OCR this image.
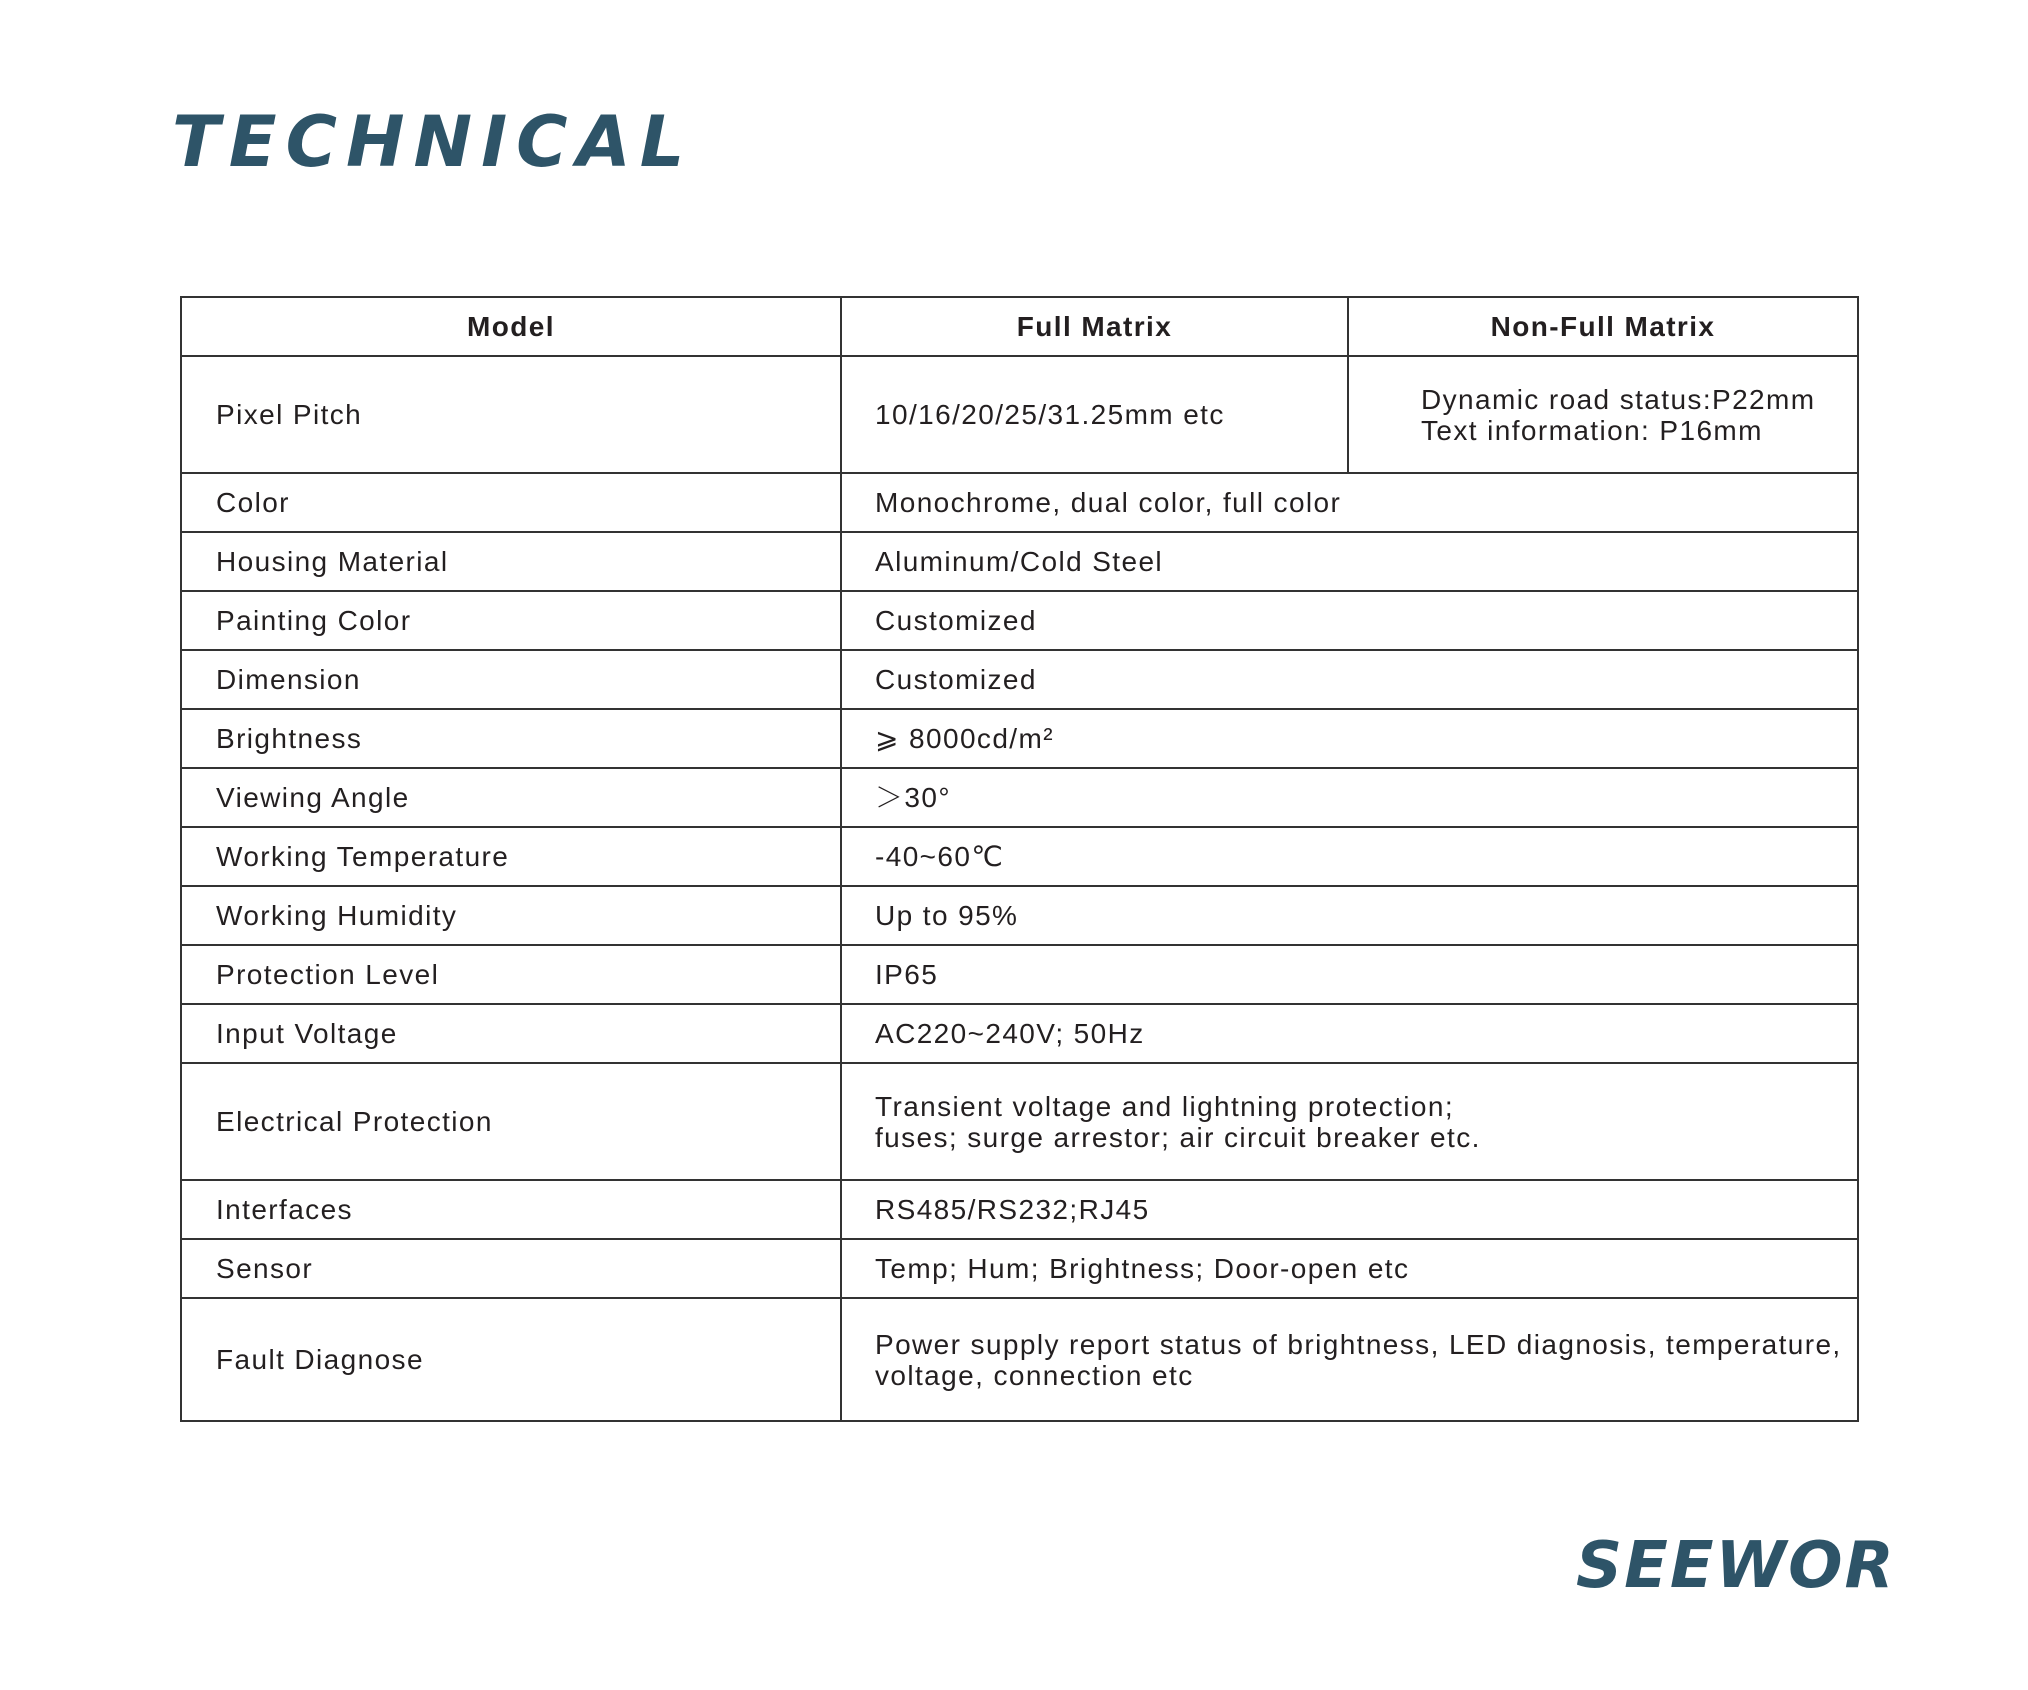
TECHNICAL
Model	Full Matrix	Non-Full Matrix
Pixel Pitch	10/16/20/25/31.25mm etc	Dynamic road status:P22mm
Text information: P16mm

Color	Monochrome, dual color, full color	
Housing Material	Aluminum/Cold Steel	
Painting Color	Customized	
Dimension	Customized	
Brightness	⩾ 8000cd/m²	
Viewing Angle	＞30°	
Working Temperature	-40~60℃	
Working Humidity	Up to 95%	
Protection Level	IP65	
Input Voltage	AC220~240V; 50Hz	
Electrical Protection	Transient voltage and lightning protection;
fuses; surge arrestor; air circuit breaker etc.	

Interfaces	RS485/RS232;RJ45	
Sensor	Temp; Hum; Brightness; Door-open etc	
Fault Diagnose	Power supply report status of brightness, LED diagnosis, temperature,
voltage, connection etc	
SEEWOR
